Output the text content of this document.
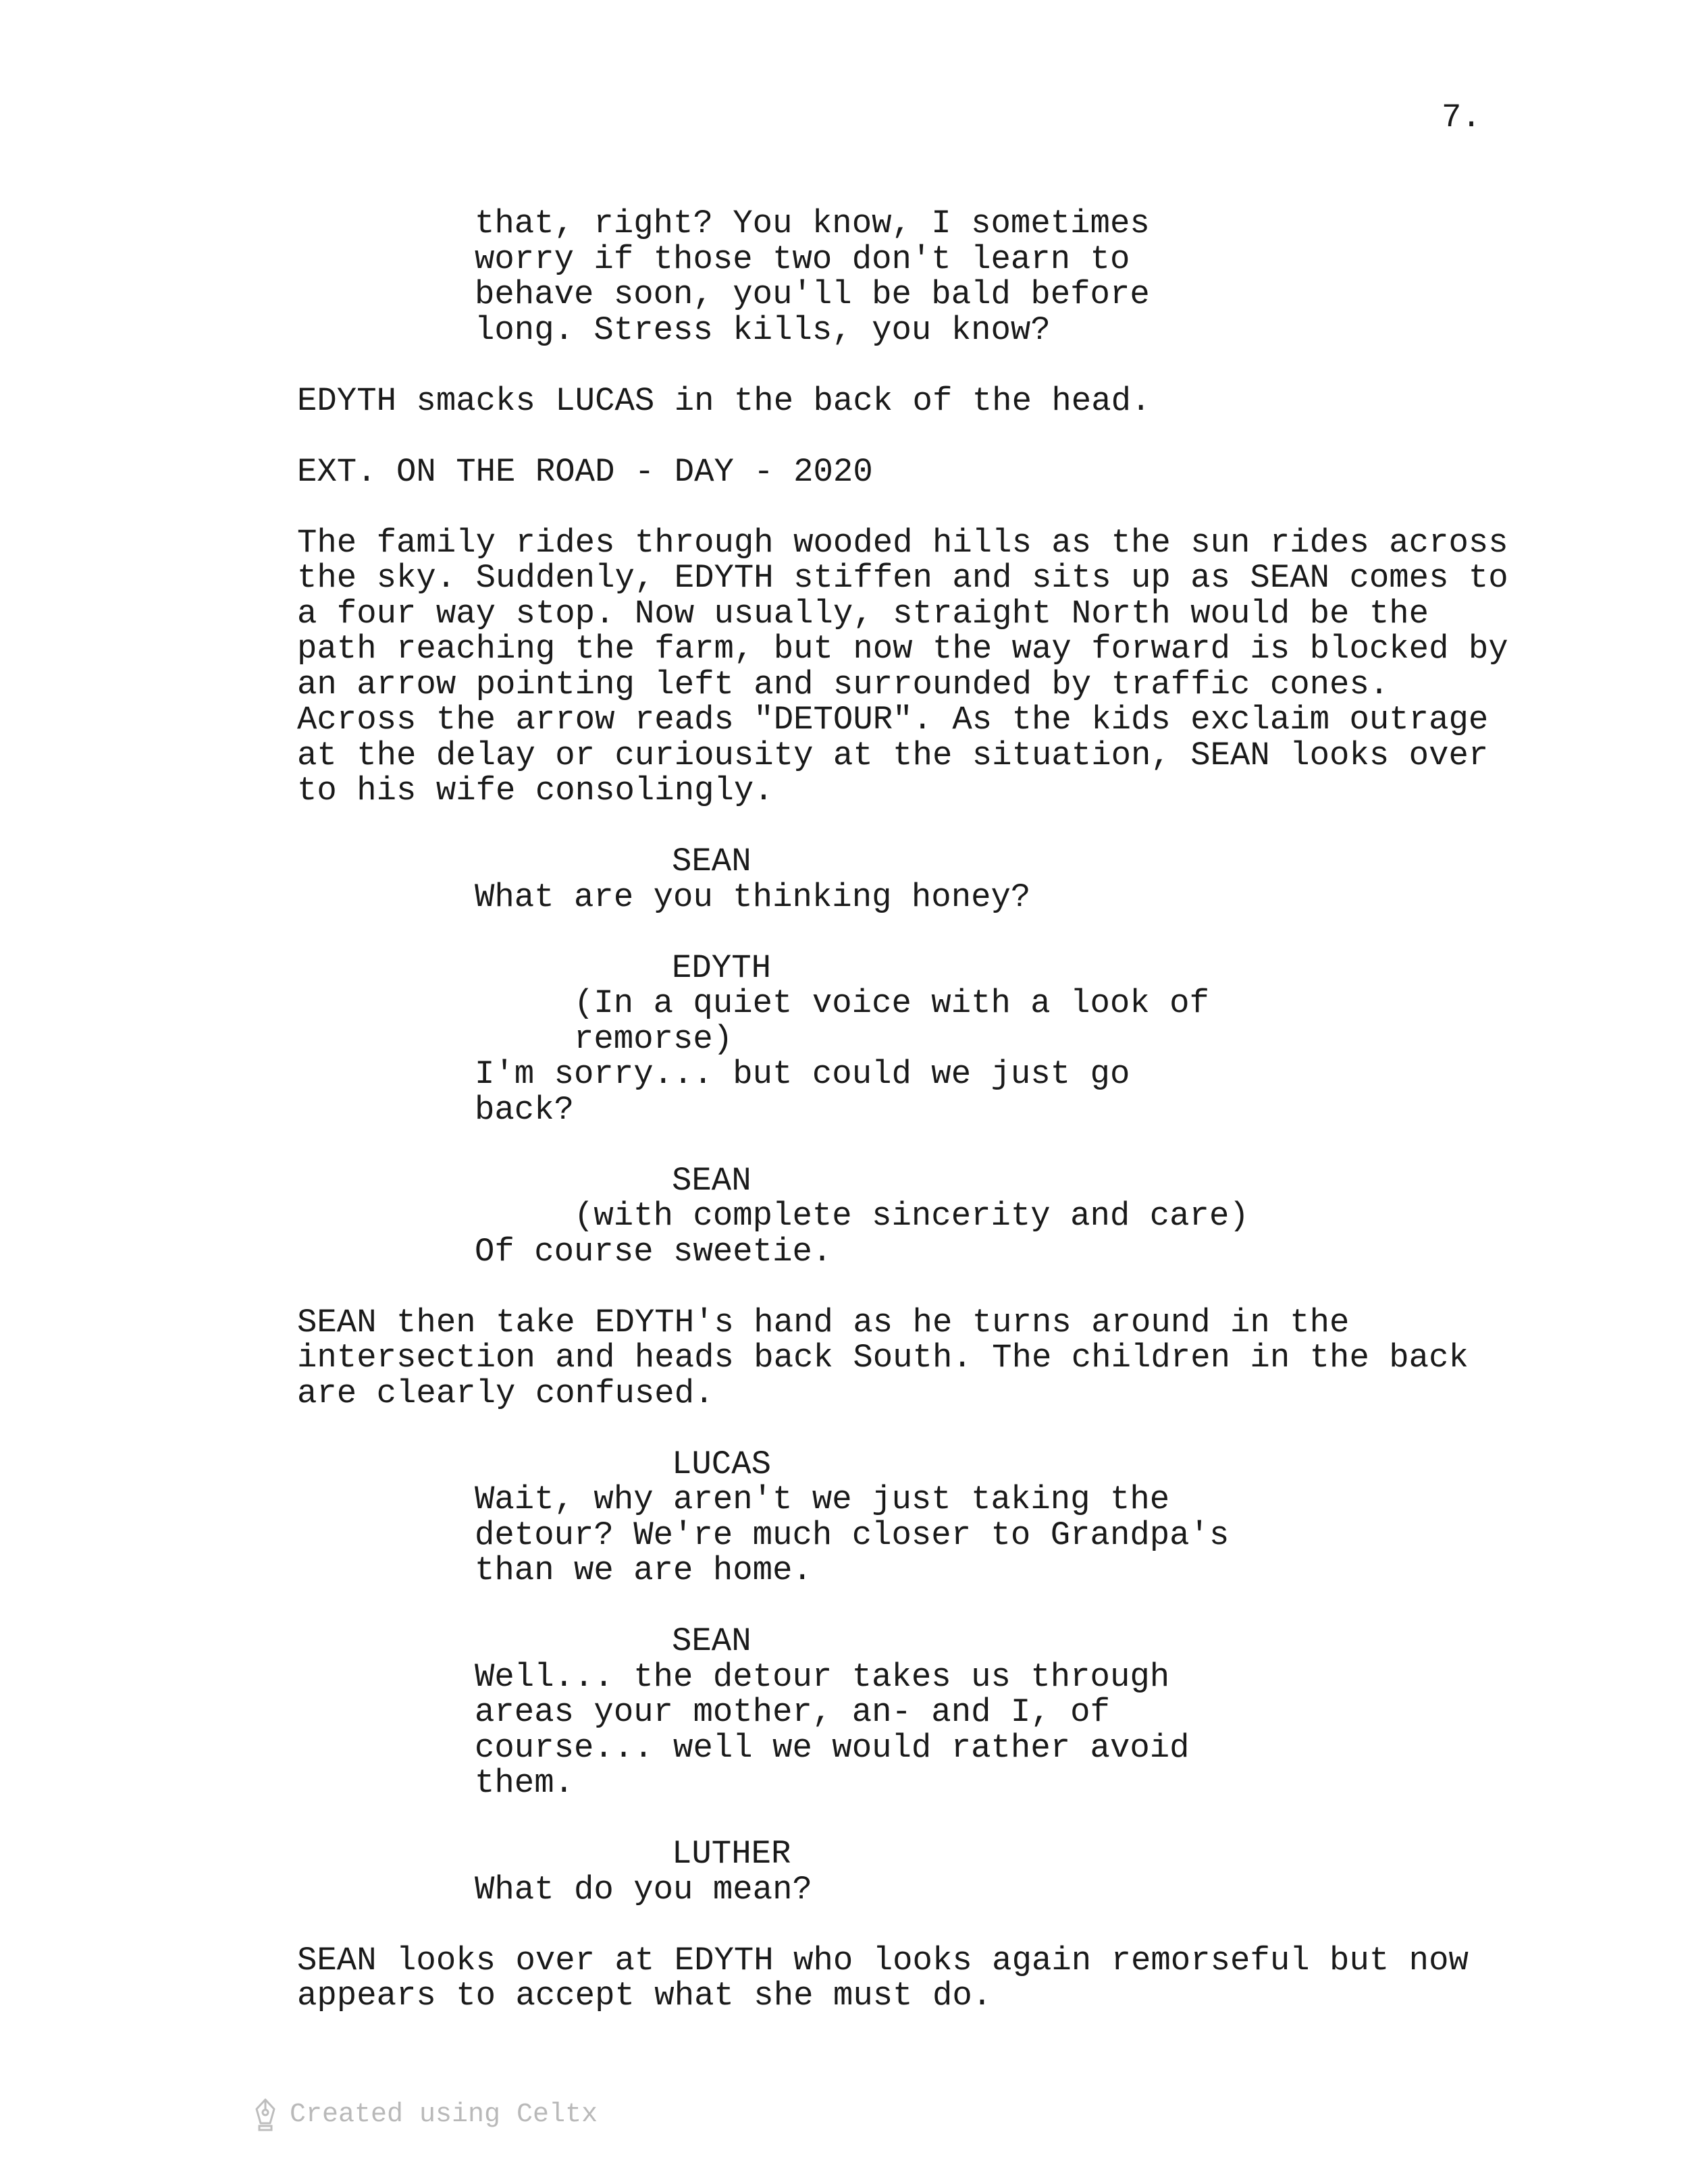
7.
that, right? You know, I sometimes
worry if those two don't learn to
behave soon, you'll be bald before
long. Stress kills, you know?
EDYTH smacks LUCAS in the back of the head.
EXT. ON THE ROAD - DAY - 2020
The family rides through wooded hills as the sun rides across
the sky. Suddenly, EDYTH stiffen and sits up as SEAN comes to
a four way stop. Now usually, straight North would be the
path reaching the farm, but now the way forward is blocked by
an arrow pointing left and surrounded by traffic cones.
Across the arrow reads "DETOUR". As the kids exclaim outrage
at the delay or curiousity at the situation, SEAN looks over
to his wife consolingly.
SEAN
What are you thinking honey?
EDYTH
(In a quiet voice with a look of
remorse)
I'm sorry... but could we just go
back?
SEAN
(with complete sincerity and care)
Of course sweetie.
SEAN then take EDYTH's hand as he turns around in the
intersection and heads back South. The children in the back
are clearly confused.
LUCAS
Wait, why aren't we just taking the
detour? We're much closer to Grandpa's
than we are home.
SEAN
Well... the detour takes us through
areas your mother, an- and I, of
course... well we would rather avoid
them.
LUTHER
What do you mean?
SEAN looks over at EDYTH who looks again remorseful but now
appears to accept what she must do.
Created using Celtx
